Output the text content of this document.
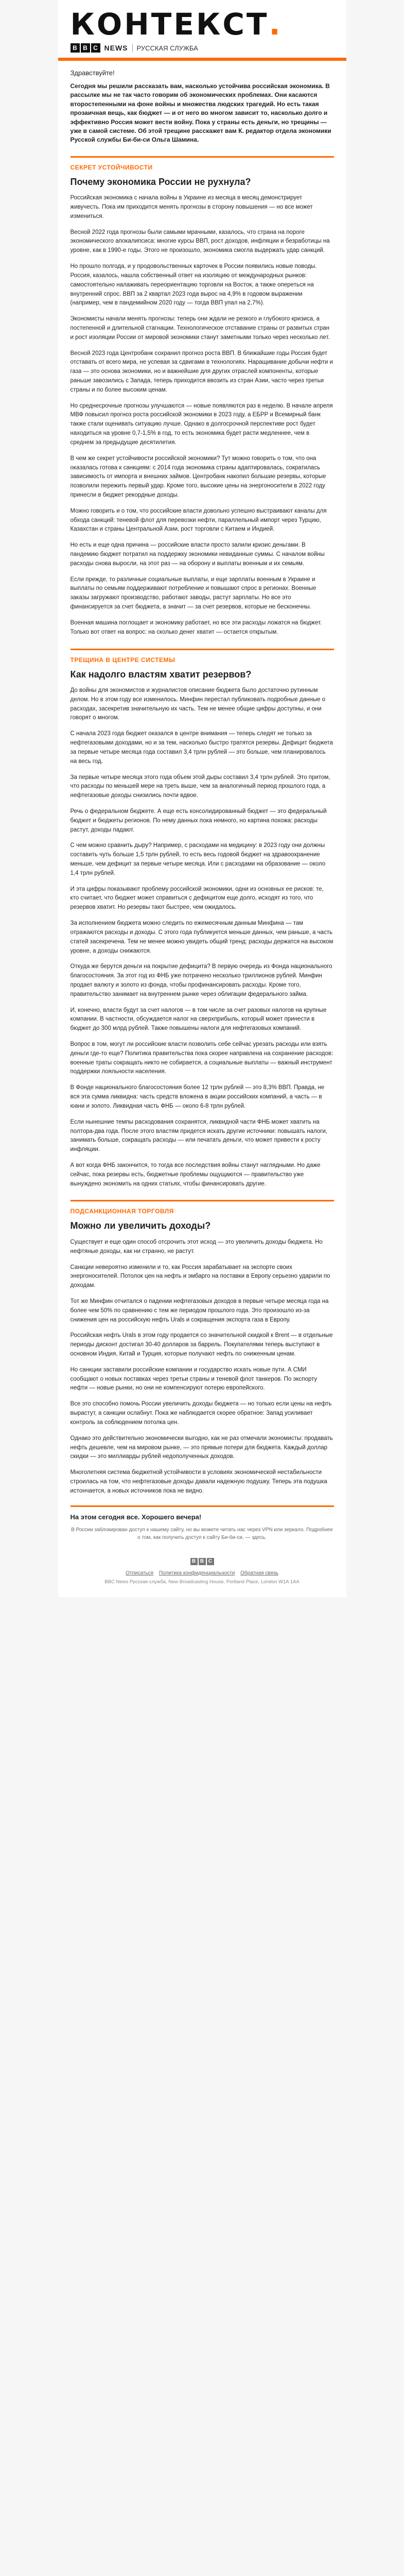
КОНТЕКСТ.
B B C NEWS РУССКАЯ СЛУЖБА

Здравствуйте!

Сегодня мы решили рассказать вам, насколько устойчива российская экономика. В рассылке мы не так часто говорим об экономических проблемах. Они касаются второстепенными на фоне войны и множества людских трагедий. Но есть такая прозаичная вещь, как бюджет — и от него во многом зависит то, насколько долго и эффективно Россия может вести войну. Пока у страны есть деньги, но трещины — уже в самой системе. Об этой трещине расскажет вам К. редактор отдела экономики Русской службы Би-би-си Ольга Шамина.

СЕКРЕТ УСТОЙЧИВОСТИ
Почему экономика России не рухнула?

Российская экономика с начала войны в Украине из месяца в месяц демонстрирует живучесть. Пока им приходится менять прогнозы в сторону повышения — но все может измениться.

Весной 2022 года прогнозы были самыми мрачными, казалось, что страна на пороге экономического апокалипсиса: многие курсы ВВП, рост доходов, инфляции и безработицы на уровне, как в 1990-е годы. Этого не произошло, экономика смогла выдержать удар санкций.

Но прошло полгода, и у продовольственных карточек в России появились новые поводы. Россия, казалось, нашла собственный ответ на изоляцию от международных рынков: самостоятельно налаживать переориентацию торговли на Восток, а также опереться на внутренний спрос. ВВП за 2 квартал 2023 года вырос на 4,9% в годовом выражении (например, чем в пандемийном 2020 году — тогда ВВП упал на 2,7%).

Экономисты начали менять прогнозы: теперь они ждали не резкого и глубокого кризиса, а постепенной и длительной стагнации. Технологическое отставание страны от развитых стран и рост изоляции России от мировой экономики станут заметными только через несколько лет.

Весной 2023 года Центробанк сохранил прогноз роста ВВП. В ближайшие годы Россия будет отставать от всего мира, не успевая за сдвигами в технологиях. Наращивание добычи нефти и газа — это основа экономики, но и важнейшие для других отраслей компоненты, которые раньше завозились с Запада, теперь приходится ввозить из стран Азии, часто через третьи страны и по более высоким ценам.

Но среднесрочные прогнозы улучшаются — новые появляются раз в неделю. В начале апреля МВФ повысил прогноз роста российской экономики в 2023 году, а ЕБРР и Всемирный банк также стали оценивать ситуацию лучше. Однако в долгосрочной перспективе рост будет находиться на уровне 0,7-1,5% в год, то есть экономика будет расти медленнее, чем в среднем за предыдущие десятилетия.

В чем же секрет устойчивости российской экономики? Тут можно говорить о том, что она оказалась готова к санкциям: с 2014 года экономика страны адаптировалась, сократилась зависимость от импорта и внешних займов. Центробанк накопил большие резервы, которые позволили пережить первый удар. Кроме того, высокие цены на энергоносители в 2022 году принесли в бюджет рекордные доходы.

Можно говорить и о том, что российские власти довольно успешно выстраивают каналы для обхода санкций: теневой флот для перевозки нефти, параллельный импорт через Турцию, Казахстан и страны Центральной Азии, рост торговли с Китаем и Индией.

Но есть и еще одна причина — российские власти просто залили кризис деньгами. В пандемию бюджет потратил на поддержку экономики невиданные суммы. С началом войны расходы снова выросли, на этот раз — на оборону и выплаты военным и их семьям.

Если прежде, то различные социальные выплаты, и еще зарплаты военным в Украине и выплаты по семьям поддерживают потребление и повышают спрос в регионах. Военные заказы загружают производство, работают заводы, растут зарплаты. Но все это финансируется за счет бюджета, а значит — за счет резервов, которые не бесконечны.

Военная машина поглощает и экономику работает, но все эти расходы ложатся на бюджет. Только вот ответ на вопрос: на сколько денег хватит — остается открытым.

ТРЕЩИНА В ЦЕНТРЕ СИСТЕМЫ
Как надолго властям хватит резервов?

До войны для экономистов и журналистов описание бюджета было достаточно рутинным делом. Но в этом году все изменилось. Минфин перестал публиковать подробные данные о расходах, засекретив значительную их часть. Тем не менее общие цифры доступны, и они говорят о многом.

С начала 2023 года бюджет оказался в центре внимания — теперь следят не только за нефтегазовыми доходами, но и за тем, насколько быстро тратятся резервы. Дефицит бюджета за первые четыре месяца года составил 3,4 трлн рублей — это больше, чем планировалось на весь год.

За первые четыре месяца этого года объем этой дыры составил 3,4 трлн рублей. Это притом, что расходы по меньшей мере на треть выше, чем за аналогичный период прошлого года, а нефтегазовые доходы снизились почти вдвое.

Речь о федеральном бюджете. А еще есть консолидированный бюджет — это федеральный бюджет и бюджеты регионов. По нему данных пока немного, но картина похожа: расходы растут, доходы падают.

С чем можно сравнить дыру? Например, с расходами на медицину: в 2023 году они должны составить чуть больше 1,5 трлн рублей, то есть весь годовой бюджет на здравоохранение меньше, чем дефицит за первые четыре месяца. Или с расходами на образование — около 1,4 трлн рублей.

И эта цифры показывают проблему российской экономики, одни из основных ее рисков: те, кто считает, что бюджет может справиться с дефицитом еще долго, исходят из того, что резервов хватит. Но резервы тают быстрее, чем ожидалось.

За исполнением бюджета можно следить по ежемесячным данным Минфина — там отражаются расходы и доходы. С этого года публикуется меньше данных, чем раньше, а часть статей засекречена. Тем не менее можно увидеть общий тренд: расходы держатся на высоком уровне, а доходы снижаются.

Откуда же берутся деньги на покрытие дефицита? В первую очередь из Фонда национального благосостояния. За этот год из ФНБ уже потрачено несколько триллионов рублей. Минфин продает валюту и золото из фонда, чтобы профинансировать расходы. Кроме того, правительство занимает на внутреннем рынке через облигации федерального займа.

И, конечно, власти будут за счет налогов — в том числе за счет разовых налогов на крупные компании. В частности, обсуждается налог на сверхприбыль, который может принести в бюджет до 300 млрд рублей. Также повышены налоги для нефтегазовых компаний.

Вопрос в том, могут ли российские власти позволить себе сейчас урезать расходы или взять деньги где-то еще? Политика правительства пока скорее направлена на сохранение расходов: военные траты сокращать никто не собирается, а социальные выплаты — важный инструмент поддержки лояльности населения.

В Фонде национального благосостояния более 12 трлн рублей — это 8,3% ВВП. Правда, не вся эта сумма ликвидна: часть средств вложена в акции российских компаний, а часть — в юани и золото. Ликвидная часть ФНБ — около 6-8 трлн рублей.

Если нынешние темпы расходования сохранятся, ликвидной части ФНБ может хватить на полтора-два года. После этого властям придется искать другие источники: повышать налоги, занимать больше, сокращать расходы — или печатать деньги, что может привести к росту инфляции.

А вот когда ФНБ закончится, то тогда все последствия войны станут наглядными. Но даже сейчас, пока резервы есть, бюджетные проблемы ощущаются — правительство уже вынуждено экономить на одних статьях, чтобы финансировать другие.

ПОДСАНКЦИОННАЯ ТОРГОВЛЯ
Можно ли увеличить доходы?

Существует и еще один способ отсрочить этот исход — это увеличить доходы бюджета. Но нефтяные доходы, как ни странно, не растут.

Санкции невероятно изменили и то, как Россия зарабатывает на экспорте своих энергоносителей. Потолок цен на нефть и эмбарго на поставки в Европу серьезно ударили по доходам.

Тот же Минфин отчитался о падении нефтегазовых доходов в первые четыре месяца года на более чем 50% по сравнению с тем же периодом прошлого года. Это произошло из-за снижения цен на российскую нефть Urals и сокращения экспорта газа в Европу.

Российская нефть Urals в этом году продается со значительной скидкой к Brent — в отдельные периоды дисконт достигал 30-40 долларов за баррель. Покупателями теперь выступают в основном Индия, Китай и Турция, которые получают нефть по сниженным ценам.

Но санкции заставили российские компании и государство искать новые пути. А СМИ сообщают о новых поставках через третьи страны и теневой флот танкеров. По экспорту нефти — новые рынки, но они не компенсируют потерю европейского.

Все это способно помочь России увеличить доходы бюджета — но только если цены на нефть вырастут, а санкции ослабнут. Пока же наблюдается скорее обратное: Запад усиливает контроль за соблюдением потолка цен.

Однако это действительно экономически выгодно, как не раз отмечали экономисты: продавать нефть дешевле, чем на мировом рынке, — это прямые потери для бюджета. Каждый доллар скидки — это миллиарды рублей недополученных доходов.

Многолетняя система бюджетной устойчивости в условиях экономической нестабильности строилась на том, что нефтегазовые доходы давали надежную подушку. Теперь эта подушка истончается, а новых источников пока не видно.

На этом сегодня все. Хорошего вечера!

В России заблокирован доступ к нашему сайту, но вы можете читать нас через VPN или зеркало. Подробнее о том, как получить доступ к сайту Би-би-си, — здесь.

B B C
Отписаться Политика конфиденциальности Обратная связь
BBC News Русская служба, New Broadcasting House, Portland Place, London W1A 1AA
